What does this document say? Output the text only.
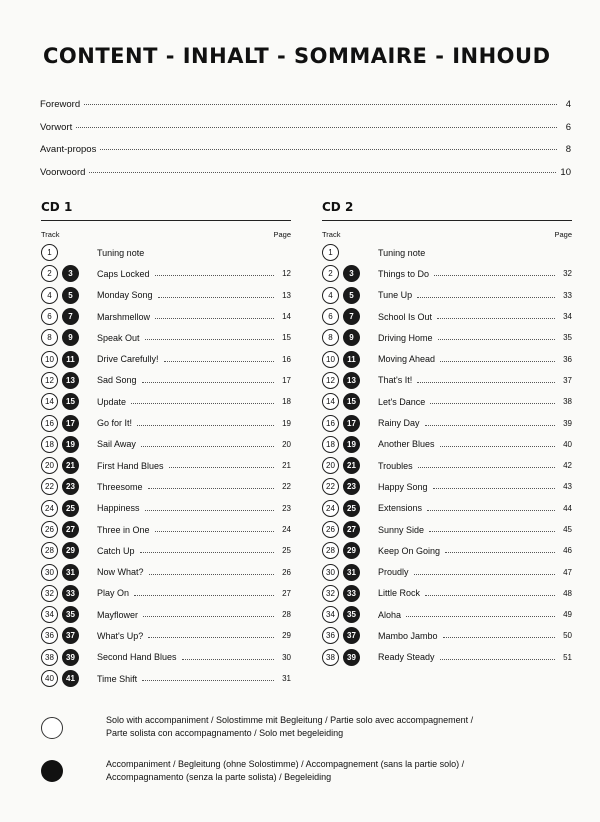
CONTENT - INHALT - SOMMAIRE - INHOUD
Foreword	4
Vorwort	6
Avant-propos	8
Voorwoord	10
CD 1
Track	Page
1	Tuning note
2	3	Caps Locked	12
4	5	Monday Song	13
6	7	Marshmellow	14
8	9	Speak Out	15
10	11	Drive Carefully!	16
12	13	Sad Song	17
14	15	Update	18
16	17	Go for It!	19
18	19	Sail Away	20
20	21	First Hand Blues	21
22	23	Threesome	22
24	25	Happiness	23
26	27	Three in One	24
28	29	Catch Up	25
30	31	Now What?	26
32	33	Play On	27
34	35	Mayflower	28
36	37	What's Up?	29
38	39	Second Hand Blues	30
40	41	Time Shift	31
CD 2
Track	Page
1	Tuning note
2	3	Things to Do	32
4	5	Tune Up	33
6	7	School Is Out	34
8	9	Driving Home	35
10	11	Moving Ahead	36
12	13	That's It!	37
14	15	Let's Dance	38
16	17	Rainy Day	39
18	19	Another Blues	40
20	21	Troubles	42
22	23	Happy Song	43
24	25	Extensions	44
26	27	Sunny Side	45
28	29	Keep On Going	46
30	31	Proudly	47
32	33	Little Rock	48
34	35	Aloha	49
36	37	Mambo Jambo	50
38	39	Ready Steady	51
Solo with accompaniment / Solostimme mit Begleitung / Partie solo avec accompagnement /
Parte solista con accompagnamento / Solo met begeleiding
Accompaniment / Begleitung (ohne Solostimme) / Accompagnement (sans la partie solo) /
Accompagnamento (senza la parte solista) / Begeleiding
